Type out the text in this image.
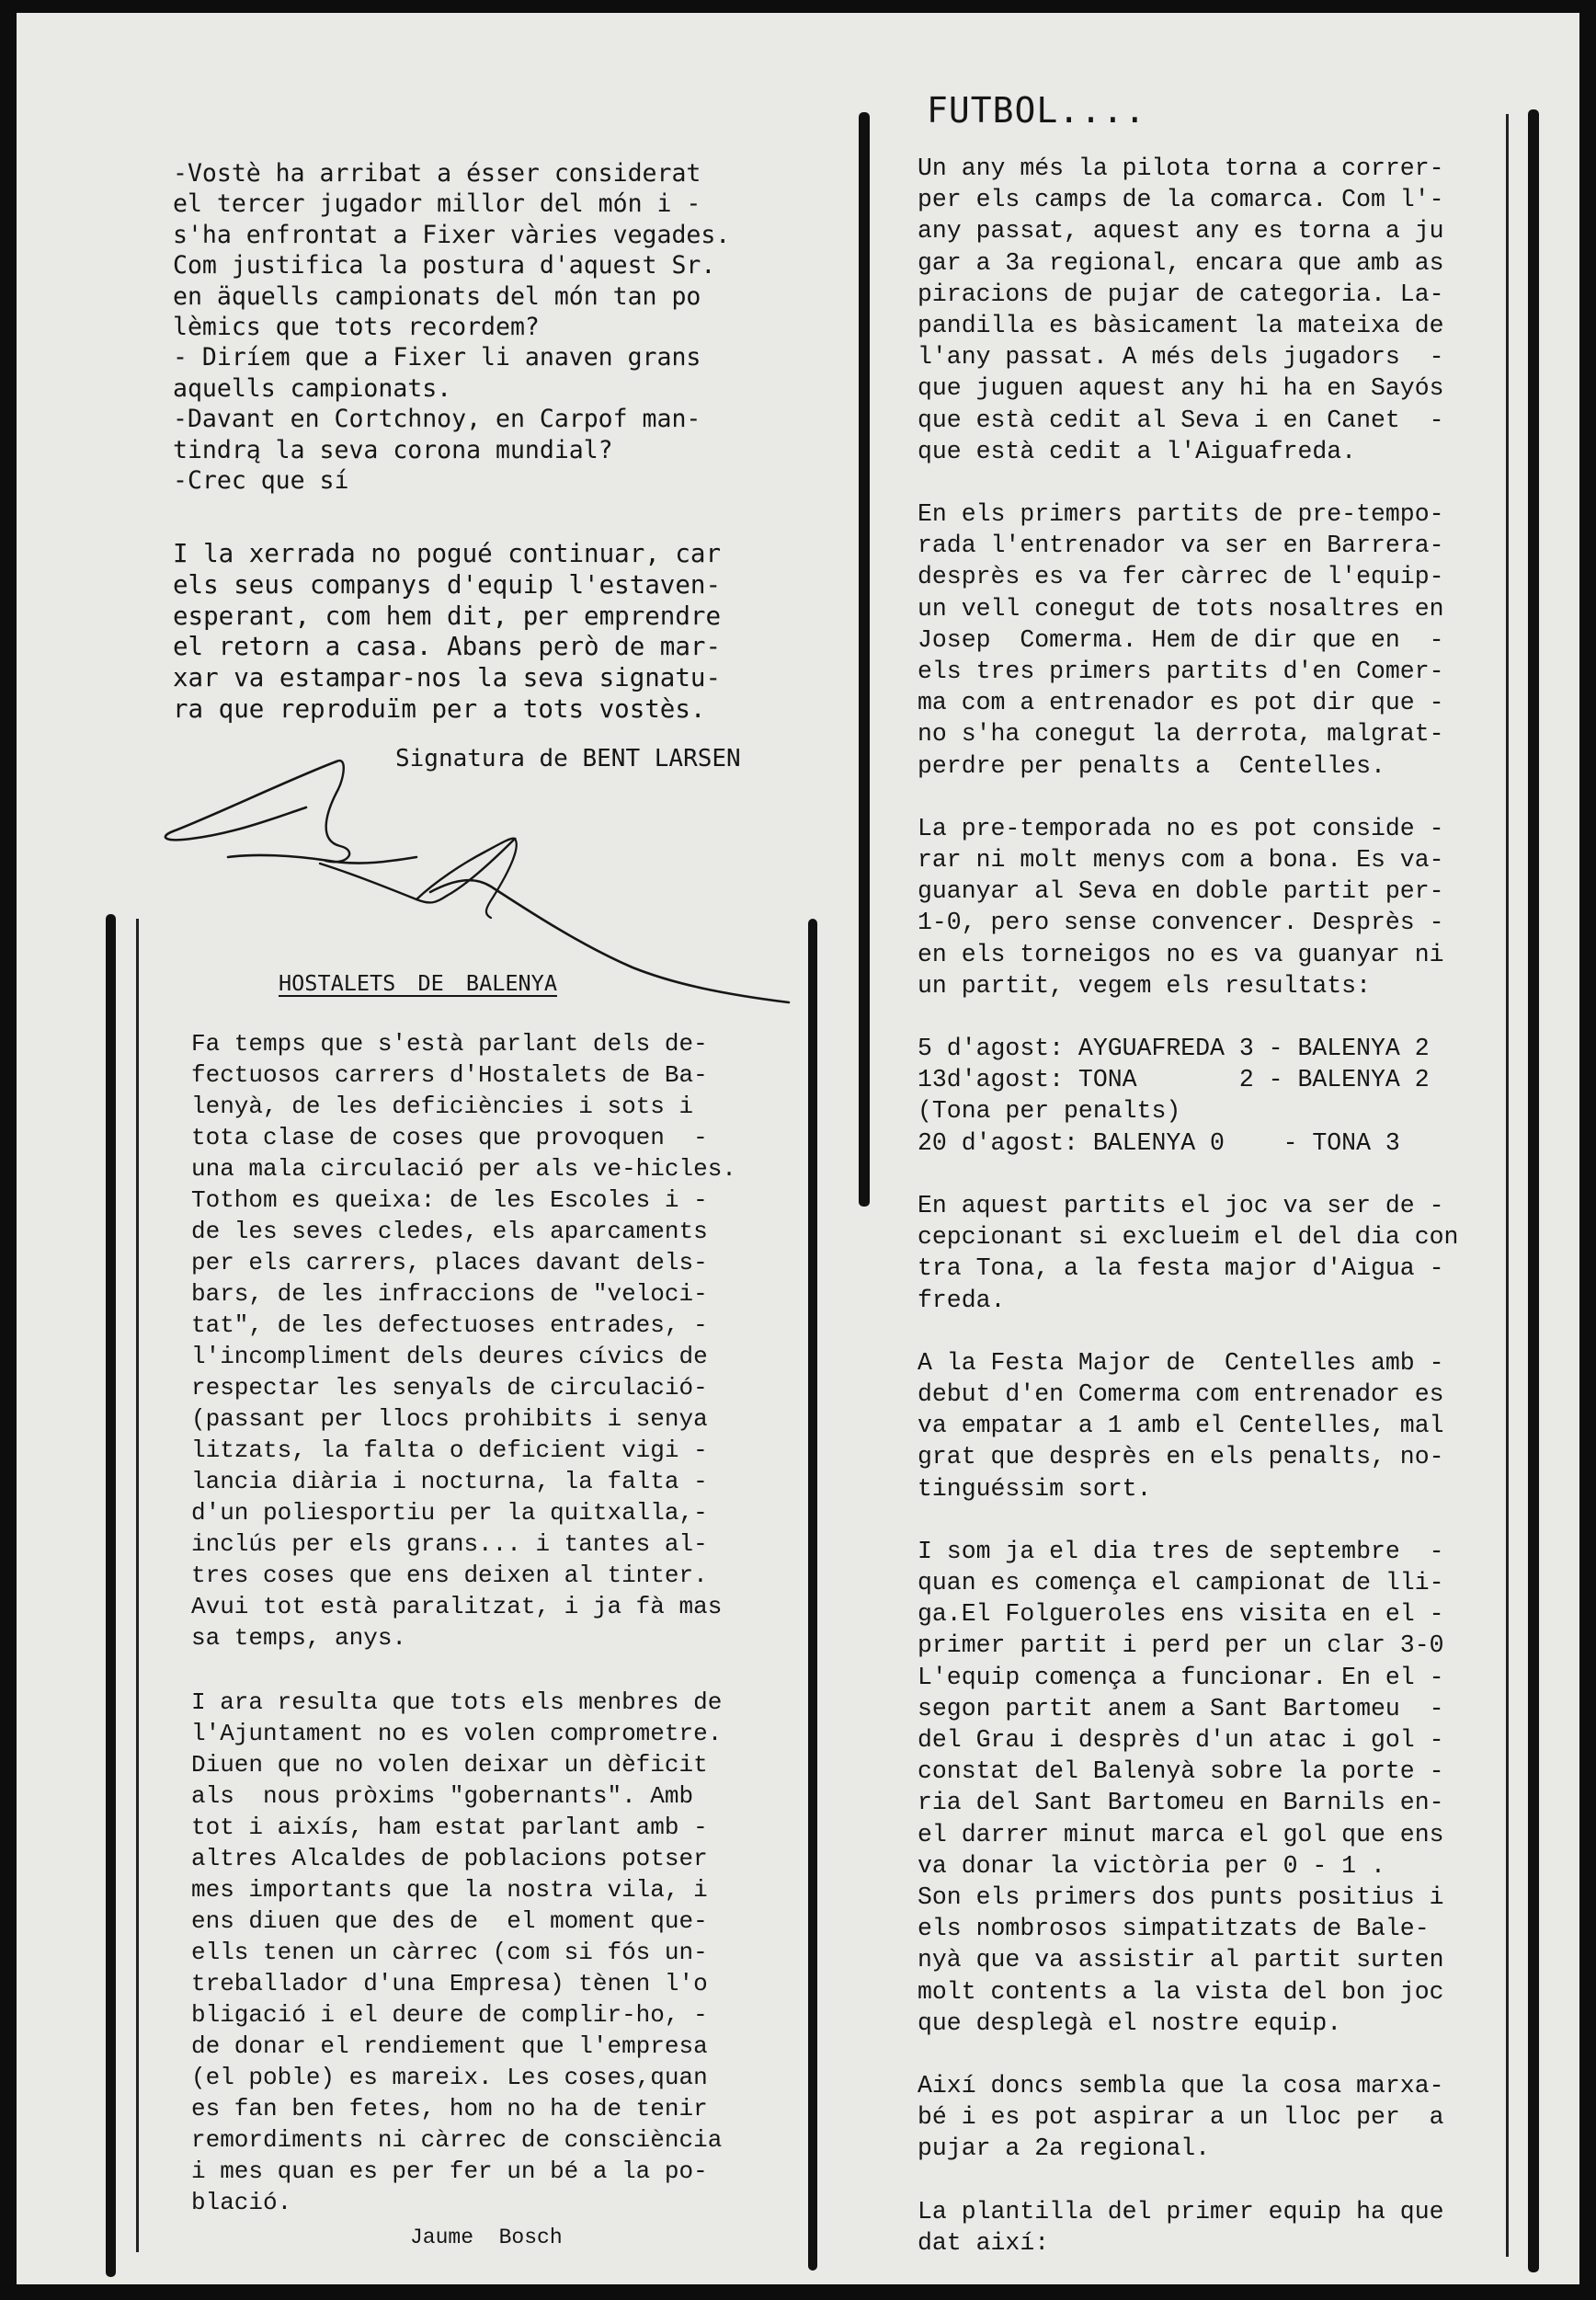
-Vostè ha arribat a ésser considerat
el tercer jugador millor del món i -
s'ha enfrontat a Fixer vàries vegades.
Com justifica la postura d'aquest Sr.
en äquells campionats del món tan po
lèmics que tots recordem?
- Diríem que a Fixer li anaven grans
aquells campionats.
-Davant en Cortchnoy, en Carpof man-
tindrą la seva corona mundial?
-Crec que sí
I la xerrada no pogué continuar, car
els seus companys d'equip l'estaven-
esperant, com hem dit, per emprendre
el retorn a casa. Abans però de mar-
xar va estampar-nos la seva signatu-
ra que reproduïm per a tots vostès.
Signatura de BENT LARSEN
HOSTALETS DE BALENYA
Fa temps que s'està parlant dels de-
fectuosos carrers d'Hostalets de Ba-
lenyà, de les deficiències i sots i
tota clase de coses que provoquen  -
una mala circulació per als ve-hicles.
Tothom es queixa: de les Escoles i -
de les seves cledes, els aparcaments
per els carrers, places davant dels-
bars, de les infraccions de "veloci-
tat", de les defectuoses entrades, -
l'incompliment dels deures cívics de
respectar les senyals de circulació-
(passant per llocs prohibits i senya
litzats, la falta o deficient vigi -
lancia diària i nocturna, la falta -
d'un poliesportiu per la quitxalla,-
inclús per els grans... i tantes al-
tres coses que ens deixen al tinter.
Avui tot està paralitzat, i ja fà mas
sa temps, anys.
I ara resulta que tots els menbres de
l'Ajuntament no es volen comprometre.
Diuen que no volen deixar un dèficit
als  nous pròxims "gobernants". Amb
tot i aixís, ham estat parlant amb -
altres Alcaldes de poblacions potser
mes importants que la nostra vila, i
ens diuen que des de  el moment que-
ells tenen un càrrec (com si fós un-
treballador d'una Empresa) tènen l'o
bligació i el deure de complir-ho, -
de donar el rendiement que l'empresa
(el poble) es mareix. Les coses,quan
es fan ben fetes, hom no ha de tenir
remordiments ni càrrec de consciència
i mes quan es per fer un bé a la po-
blació.
Jaume  Bosch
FUTBOL....
Un any més la pilota torna a correr-
per els camps de la comarca. Com l'-
any passat, aquest any es torna a ju
gar a 3a regional, encara que amb as
piracions de pujar de categoria. La-
pandilla es bàsicament la mateixa de
l'any passat. A més dels jugadors  -
que juguen aquest any hi ha en Sayós
que està cedit al Seva i en Canet  -
que està cedit a l'Aiguafreda.
En els primers partits de pre-tempo-
rada l'entrenador va ser en Barrera-
desprès es va fer càrrec de l'equip-
un vell conegut de tots nosaltres en
Josep  Comerma. Hem de dir que en  -
els tres primers partits d'en Comer-
ma com a entrenador es pot dir que -
no s'ha conegut la derrota, malgrat-
perdre per penalts a  Centelles.
La pre-temporada no es pot conside -
rar ni molt menys com a bona. Es va-
guanyar al Seva en doble partit per-
1-0, pero sense convencer. Desprès -
en els torneigos no es va guanyar ni
un partit, vegem els resultats:
5 d'agost: AYGUAFREDA 3 - BALENYA 2
13d'agost: TONA       2 - BALENYA 2
(Tona per penalts)
20 d'agost: BALENYA 0    - TONA 3
En aquest partits el joc va ser de -
cepcionant si exclueim el del dia con
tra Tona, a la festa major d'Aigua -
freda.
A la Festa Major de  Centelles amb -
debut d'en Comerma com entrenador es
va empatar a 1 amb el Centelles, mal
grat que desprès en els penalts, no-
tinguéssim sort.
I som ja el dia tres de septembre  -
quan es comença el campionat de lli-
ga.El Folgueroles ens visita en el -
primer partit i perd per un clar 3-0
L'equip comença a funcionar. En el -
segon partit anem a Sant Bartomeu  -
del Grau i desprès d'un atac i gol -
constat del Balenyà sobre la porte -
ria del Sant Bartomeu en Barnils en-
el darrer minut marca el gol que ens
va donar la victòria per 0 - 1 .
Son els primers dos punts positius i
els nombrosos simpatitzats de Bale-
nyà que va assistir al partit surten
molt contents a la vista del bon joc
que desplegà el nostre equip.
Així doncs sembla que la cosa marxa-
bé i es pot aspirar a un lloc per  a
pujar a 2a regional.
La plantilla del primer equip ha que
dat així:
